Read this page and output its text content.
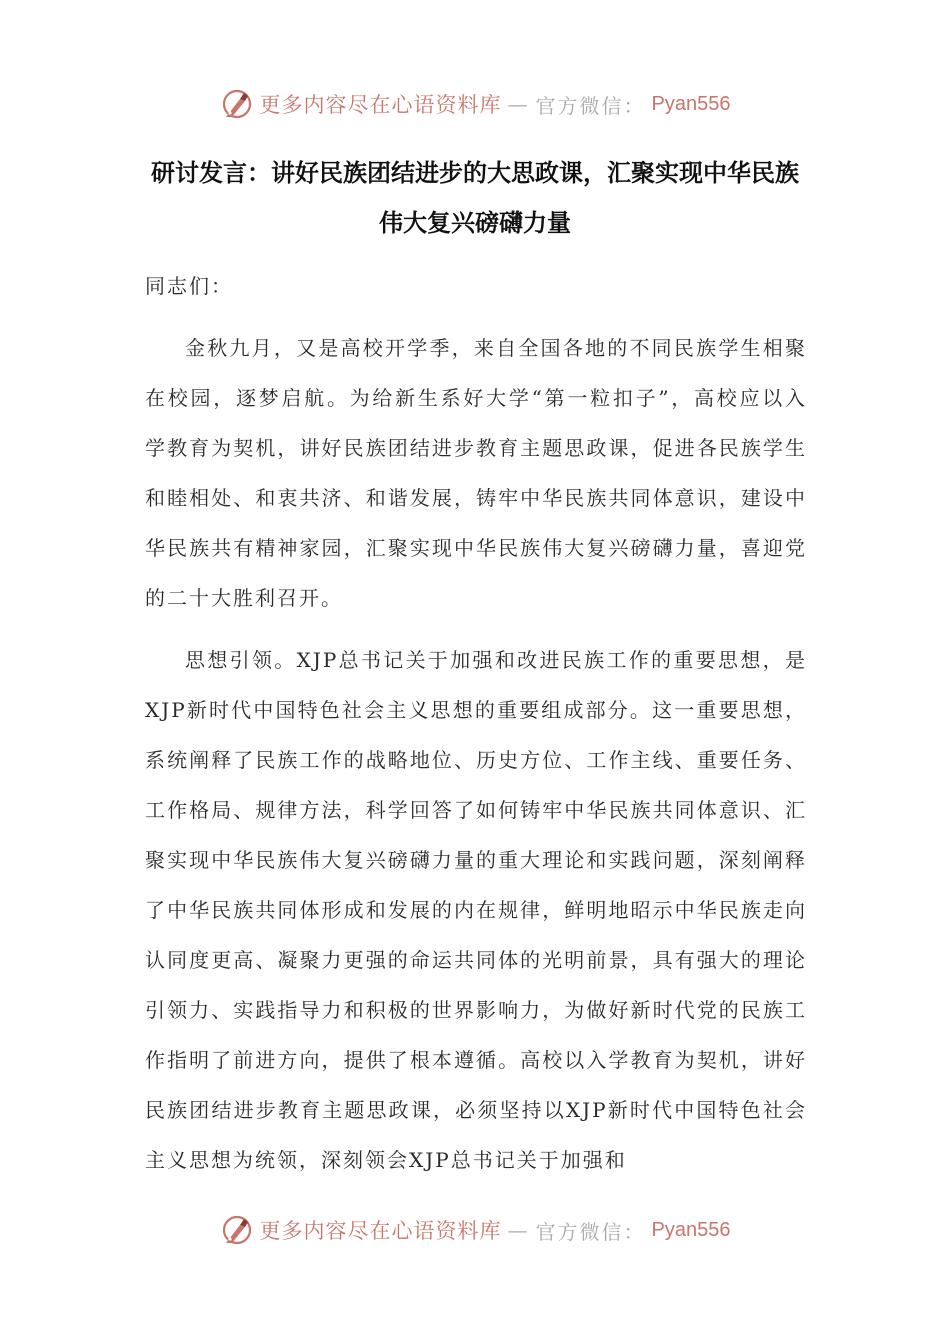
更多内容尽在心语资料库 — 官方微信： Pyan556
研讨发言：讲好民族团结进步的大思政课，汇聚实现中华民族伟大复兴磅礴力量

同志们：

金秋九月，又是高校开学季，来自全国各地的不同民族学生相聚在校园，逐梦启航。为给新生系好大学“第一粒扣子”，高校应以入学教育为契机，讲好民族团结进步教育主题思政课，促进各民族学生和睦相处、和衷共济、和谐发展，铸牢中华民族共同体意识，建设中华民族共有精神家园，汇聚实现中华民族伟大复兴磅礴力量，喜迎党的二十大胜利召开。

思想引领。XJP总书记关于加强和改进民族工作的重要思想，是XJP新时代中国特色社会主义思想的重要组成部分。这一重要思想，系统阐释了民族工作的战略地位、历史方位、工作主线、重要任务、工作格局、规律方法，科学回答了如何铸牢中华民族共同体意识、汇聚实现中华民族伟大复兴磅礴力量的重大理论和实践问题，深刻阐释了中华民族共同体形成和发展的内在规律，鲜明地昭示中华民族走向认同度更高、凝聚力更强的命运共同体的光明前景，具有强大的理论引领力、实践指导力和积极的世界影响力，为做好新时代党的民族工作指明了前进方向，提供了根本遵循。高校以入学教育为契机，讲好民族团结进步教育主题思政课，必须坚持以XJP新时代中国特色社会主义思想为统领，深刻领会XJP总书记关于加强和

更多内容尽在心语资料库 — 官方微信： Pyan556
